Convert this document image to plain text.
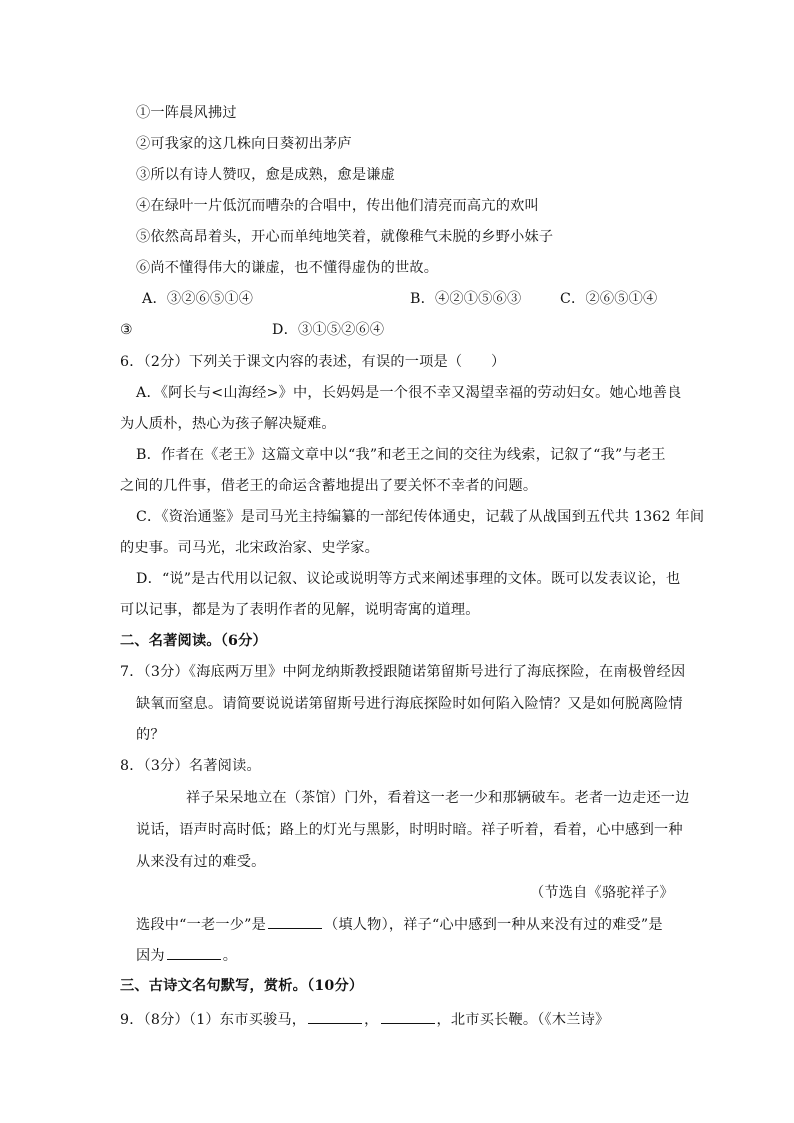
①一阵晨风拂过
②可我家的这几株向日葵初出茅庐
③所以有诗人赞叹，愈是成熟，愈是谦虚
④在绿叶一片低沉而嘈杂的合唱中，传出他们清亮而高亢的欢叫
⑤依然高昂着头，开心而单纯地笑着，就像稚气未脱的乡野小妹子
⑥尚不懂得伟大的谦虚，也不懂得虚伪的世故。
A．③②⑥⑤①④	B．④②①⑤⑥③	C．②⑥⑤①④
③	D．③①⑤②⑥④
6．（2分）下列关于课文内容的表述，有误的一项是（　　）
A．《阿长与<山海经>》中，长妈妈是一个很不幸又渴望幸福的劳动妇女。她心地善良
为人质朴，热心为孩子解决疑难。
B．作者在《老王》这篇文章中以“我”和老王之间的交往为线索，记叙了“我”与老王
之间的几件事，借老王的命运含蓄地提出了要关怀不幸者的问题。
C．《资治通鉴》是司马光主持编纂的一部纪传体通史，记载了从战国到五代共 1362 年间
的史事。司马光，北宋政治家、史学家。
D．“说”是古代用以记叙、议论或说明等方式来阐述事理的文体。既可以发表议论，也
可以记事，都是为了表明作者的见解，说明寄寓的道理。
二、名著阅读。（6分）
7．（3分）《海底两万里》中阿龙纳斯教授跟随诺第留斯号进行了海底探险，在南极曾经因
缺氧而窒息。请简要说说诺第留斯号进行海底探险时如何陷入险情？又是如何脱离险情
的？
8．（3分）名著阅读。
祥子呆呆地立在（茶馆）门外，看着这一老一少和那辆破车。老者一边走还一边
说话，语声时高时低；路上的灯光与黑影，时明时暗。祥子听着，看着，心中感到一种
从来没有过的难受。
（节选自《骆驼祥子》
选段中“一老一少”是	（填人物），祥子“心中感到一种从来没有过的难受”是
因为	。
三、古诗文名句默写，赏析。（10分）
9．（8分）（1）东市买骏马，	，	，北市买长鞭。（《木兰诗》
